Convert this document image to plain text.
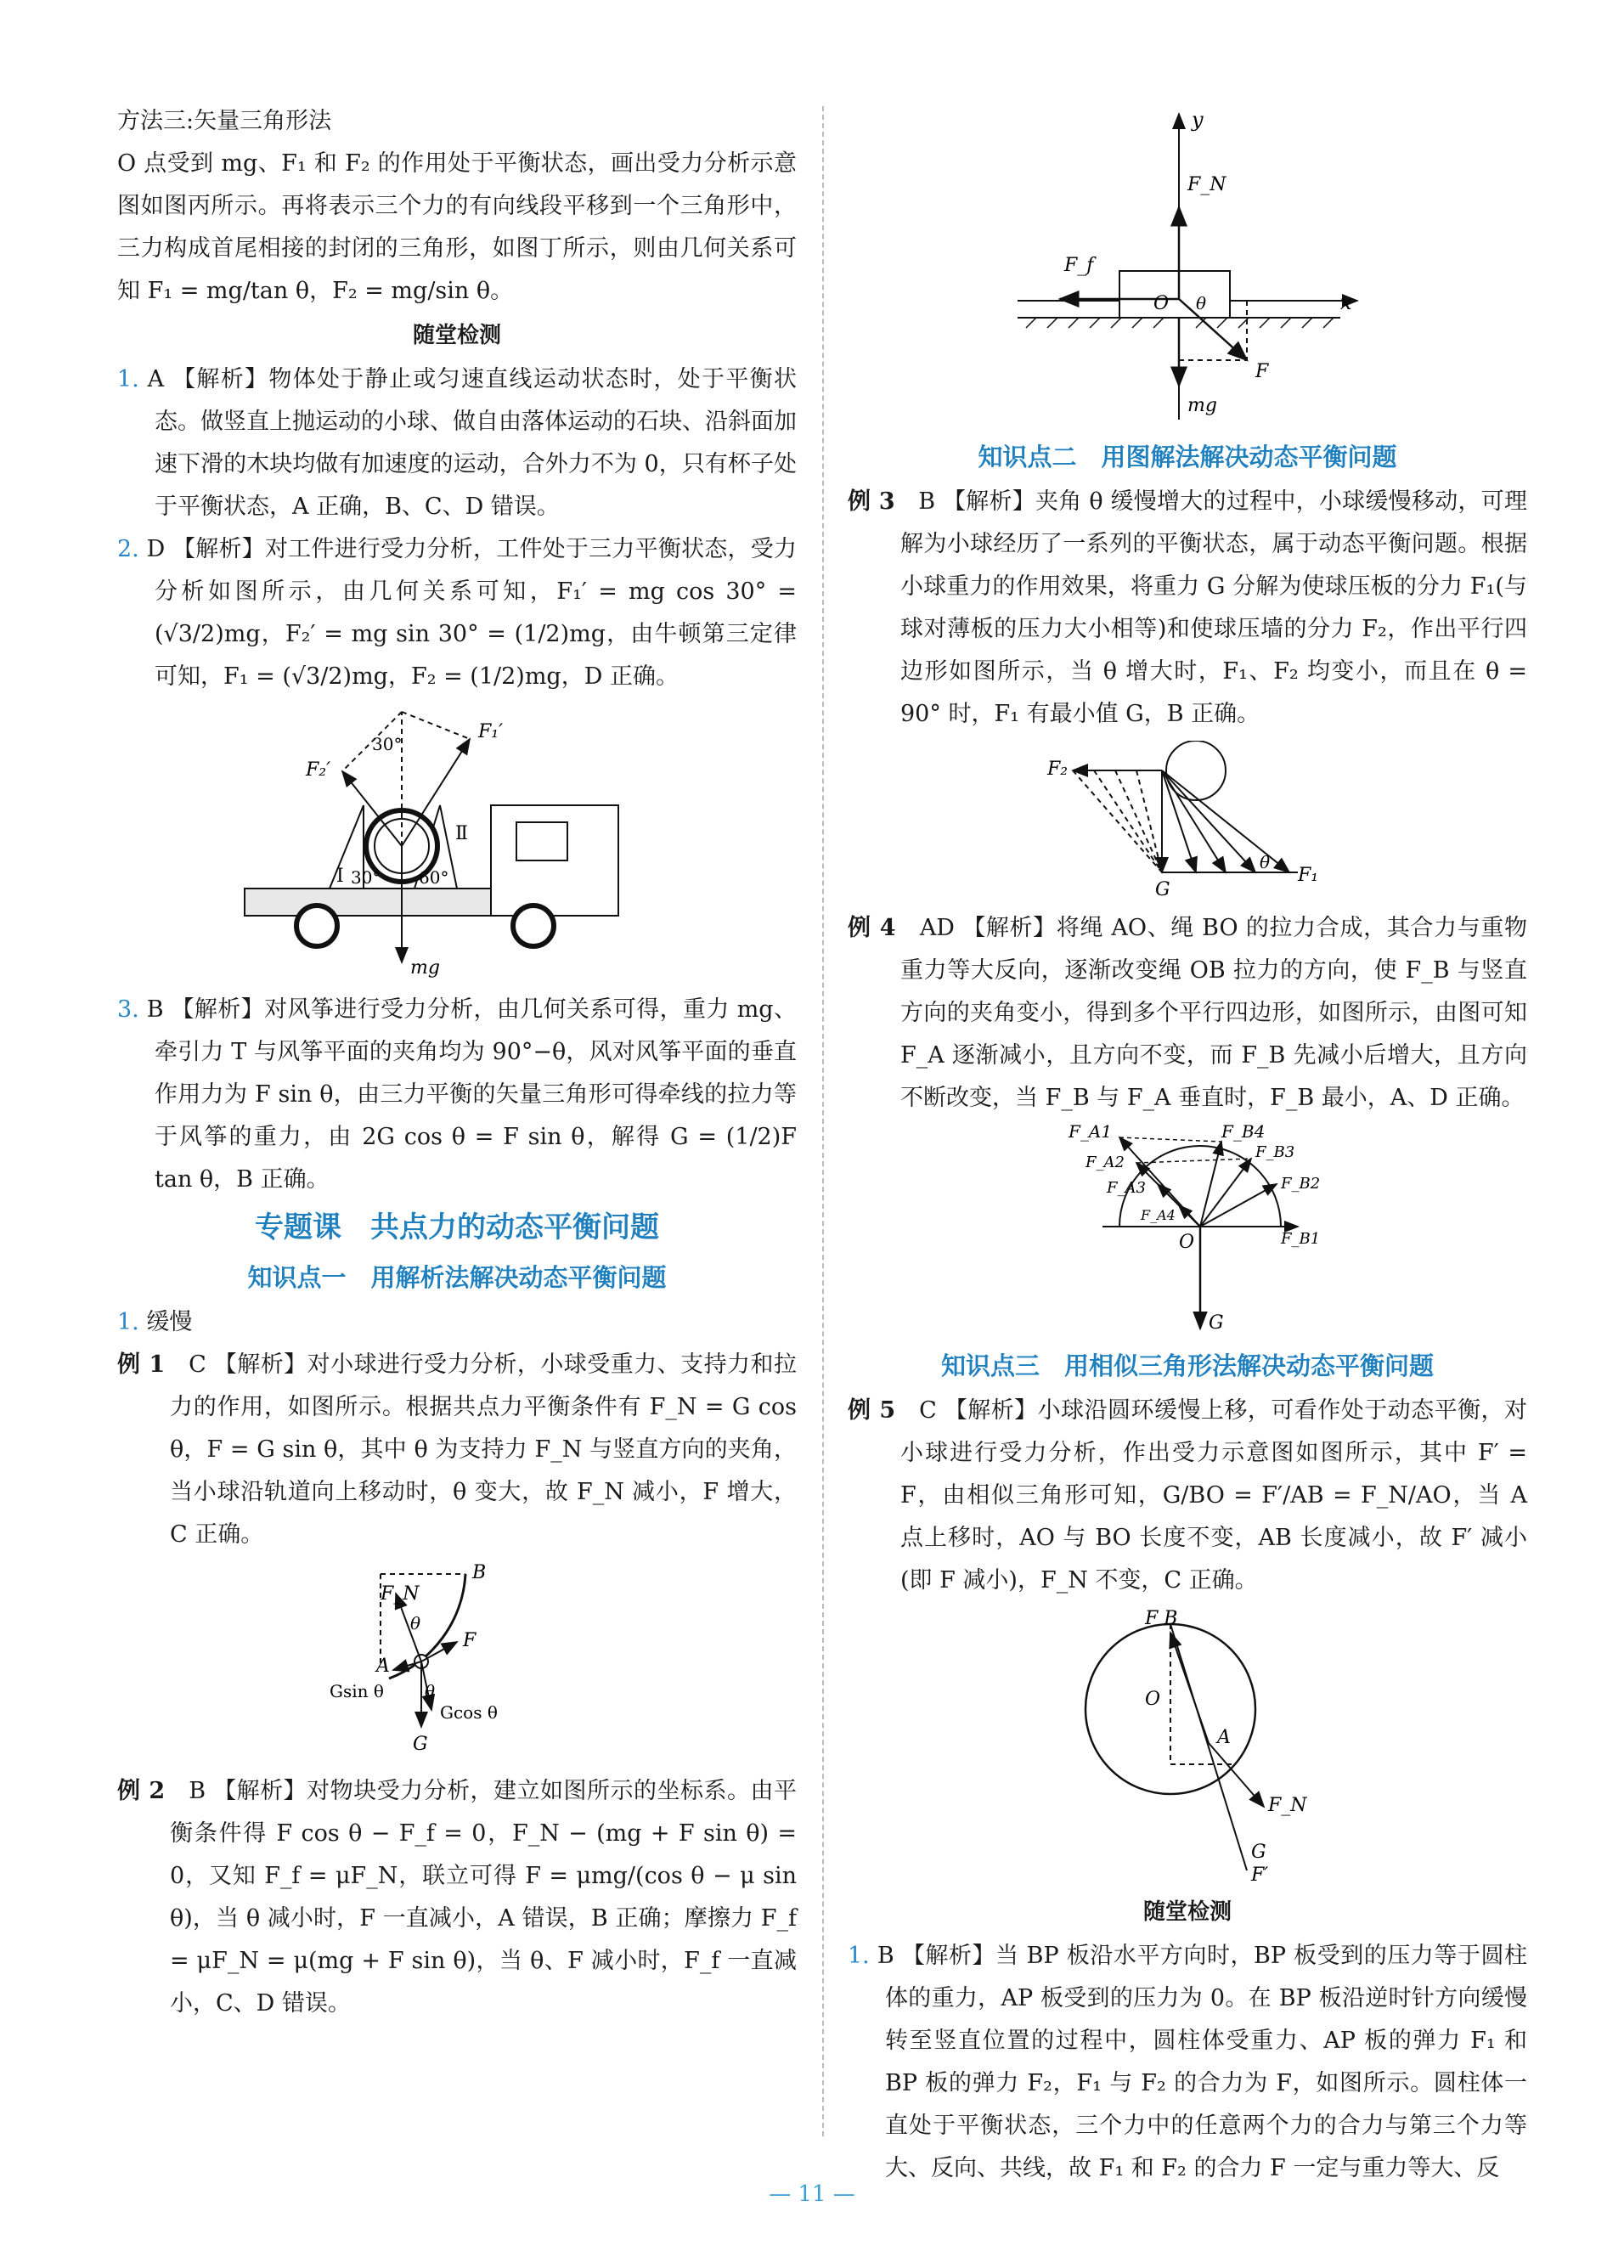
方法三:矢量三角形法

O 点受到 mg、F₁ 和 F₂ 的作用处于平衡状态，画出受力分析示意图如图丙所示。再将表示三个力的有向线段平移到一个三角形中，三力构成首尾相接的封闭的三角形，如图丁所示，则由几何关系可知 F₁ = mg/tan θ，F₂ = mg/sin θ。

随堂检测

1. A 【解析】物体处于静止或匀速直线运动状态时，处于平衡状态。做竖直上抛运动的小球、做自由落体运动的石块、沿斜面加速下滑的木块均做有加速度的运动，合外力不为 0，只有杯子处于平衡状态，A 正确，B、C、D 错误。

2. D 【解析】对工件进行受力分析，工件处于三力平衡状态，受力分析如图所示，由几何关系可知，F₁′ = mg cos 30° = (√3/2)mg，F₂′ = mg sin 30° = (1/2)mg，由牛顿第三定律可知，F₁ = (√3/2)mg，F₂ = (1/2)mg，D 正确。

F₁′
F₂′
30°
Ⅰ
Ⅱ
30° 60°
mg

3. B 【解析】对风筝进行受力分析，由几何关系可得，重力 mg、牵引力 T 与风筝平面的夹角均为 90°−θ，风对风筝平面的垂直作用力为 F sin θ，由三力平衡的矢量三角形可得牵线的拉力等于风筝的重力，由 2G cos θ = F sin θ，解得 G = (1/2)F tan θ，B 正确。

专题课　共点力的动态平衡问题
知识点一　用解析法解决动态平衡问题

1. 缓慢

例 1　 C 【解析】对小球进行受力分析，小球受重力、支持力和拉力的作用，如图所示。根据共点力平衡条件有 F_N = G cos θ，F = G sin θ，其中 θ 为支持力 F_N 与竖直方向的夹角，当小球沿轨道向上移动时，θ 变大，故 F_N 减小，F 增大，C 正确。

B
F_N
θ
A
F
Gsin θ θ
Gcos θ
G

例 2　 B 【解析】对物块受力分析，建立如图所示的坐标系。由平衡条件得 F cos θ − F_f = 0，F_N − (mg + F sin θ) = 0，又知 F_f = μF_N，联立可得 F = μmg/(cos θ − μ sin θ)，当 θ 减小时，F 一直减小，A 错误，B 正确；摩擦力 F_f = μF_N = μ(mg + F sin θ)，当 θ、F 减小时，F_f 一直减小，C、D 错误。

y
F_N
F_f
O θ	x
F
mg
知识点二　用图解法解决动态平衡问题

例 3　 B 【解析】夹角 θ 缓慢增大的过程中，小球缓慢移动，可理解为小球经历了一系列的平衡状态，属于动态平衡问题。根据小球重力的作用效果，将重力 G 分解为使球压板的分力 F₁(与球对薄板的压力大小相等)和使球压墙的分力 F₂，作出平行四边形如图所示，当 θ 增大时，F₁、F₂ 均变小，而且在 θ = 90° 时，F₁ 有最小值 G，B 正确。

F₂
G
θ
F₁

例 4　 AD 【解析】将绳 AO、绳 BO 的拉力合成，其合力与重物重力等大反向，逐渐改变绳 OB 拉力的方向，使 F_B 与竖直方向的夹角变小，得到多个平行四边形，如图所示，由图可知 F_A 逐渐减小，且方向不变，而 F_B 先减小后增大，且方向不断改变，当 F_B 与 F_A 垂直时，F_B 最小，A、D 正确。

F_A1
F_A2
F_A3
F_A4
F_B4
F_B3
F_B2
F_B1
O
G
知识点三　用相似三角形法解决动态平衡问题

例 5　 C 【解析】小球沿圆环缓慢上移，可看作处于动态平衡，对小球进行受力分析，作出受力示意图如图所示，其中 F′ = F，由相似三角形可知，G/BO = F′/AB = F_N/AO，当 A 点上移时，AO 与 BO 长度不变，AB 长度减小，故 F′ 减小(即 F 减小)，F_N 不变，C 正确。

F B
O
A
F_N
G
F′
随堂检测

1. B 【解析】当 BP 板沿水平方向时，BP 板受到的压力等于圆柱体的重力，AP 板受到的压力为 0。在 BP 板沿逆时针方向缓慢转至竖直位置的过程中，圆柱体受重力、AP 板的弹力 F₁ 和 BP 板的弹力 F₂，F₁ 与 F₂ 的合力为 F，如图所示。圆柱体一直处于平衡状态，三个力中的任意两个力的合力与第三个力等大、反向、共线，故 F₁ 和 F₂ 的合力 F 一定与重力等大、反

— 11 —
